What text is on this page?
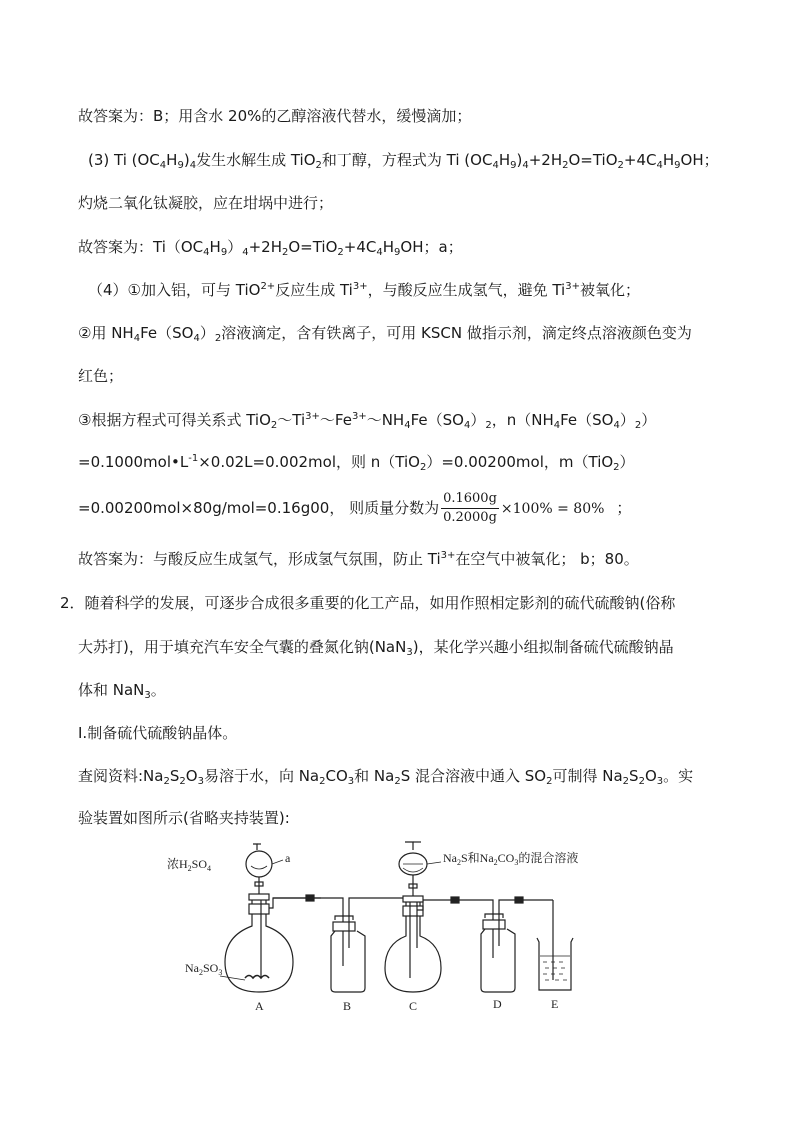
故答案为：B；用含水 20%的乙醇溶液代替水，缓慢滴加；
(3) Ti $(OC_4H_9)_4$发生水解生成 TiO$_2$和丁醇，方程式为 Ti $(OC_4H_9)_4+2H_2O=TiO_2+4C_4H_9OH$；
灼烧二氧化钛凝胶，应在坩埚中进行；
故答案为：$Ti(OC_4H_9)_4+2H_2O=TiO_2+4C_4H_9OH$；a；
（4）①加入铝，可与 TiO$^{2+}$反应生成 $Ti^{3+}$，与酸反应生成氢气，避免 $Ti^{3+}$被氧化；
②用 $NH_4Fe(SO_4)_2$溶液滴定，含有铁离子，可用 KSCN 做指示剂，滴定终点溶液颜色变为
红色；
③根据方程式可得关系式 $TiO_2\sim Ti^{3+}\sim Fe^{3+}\sim NH_4Fe(SO_4)_2$，$n(NH_4Fe(SO_4)_2)$
$=0.1000mol•L^{-1}\times 0.02L=0.002mol$，则 n（TiO$_2$）=0.00200mol，m（TiO$_2$）
=0.00200mol×80g/mol=0.16g00， 则质量分数为 $\frac{0.1600g}{0.2000g} \times 100\% = 80\%$ ；
故答案为：与酸反应生成氢气，形成氢气氛围，防止 $Ti^{3+}$在空气中被氧化； b；80。
2．随着科学的发展，可逐步合成很多重要的化工产品，如用作照相定影剂的硫代硫酸钠(俗称
大苏打)，用于填充汽车安全气囊的叠氮化钠(NaN$_3$)，某化学兴趣小组拟制备硫代硫酸钠晶
体和 NaN$_3$。
Ⅰ.制备硫代硫酸钠晶体。
查阅资料$:Na_2S_2O_3$易溶于水，向 $Na_2CO_3$和 $Na_2S$ 混合溶液中通入 $SO_2$可制得 $Na_2S_2O_3$。实
验装置如图所示(省略夹持装置):
浓$H_2SO_4$
a	$Na_2S$和$Na_2CO_3$的混合溶液
$Na_2SO_3$
A	B	C	D	E
